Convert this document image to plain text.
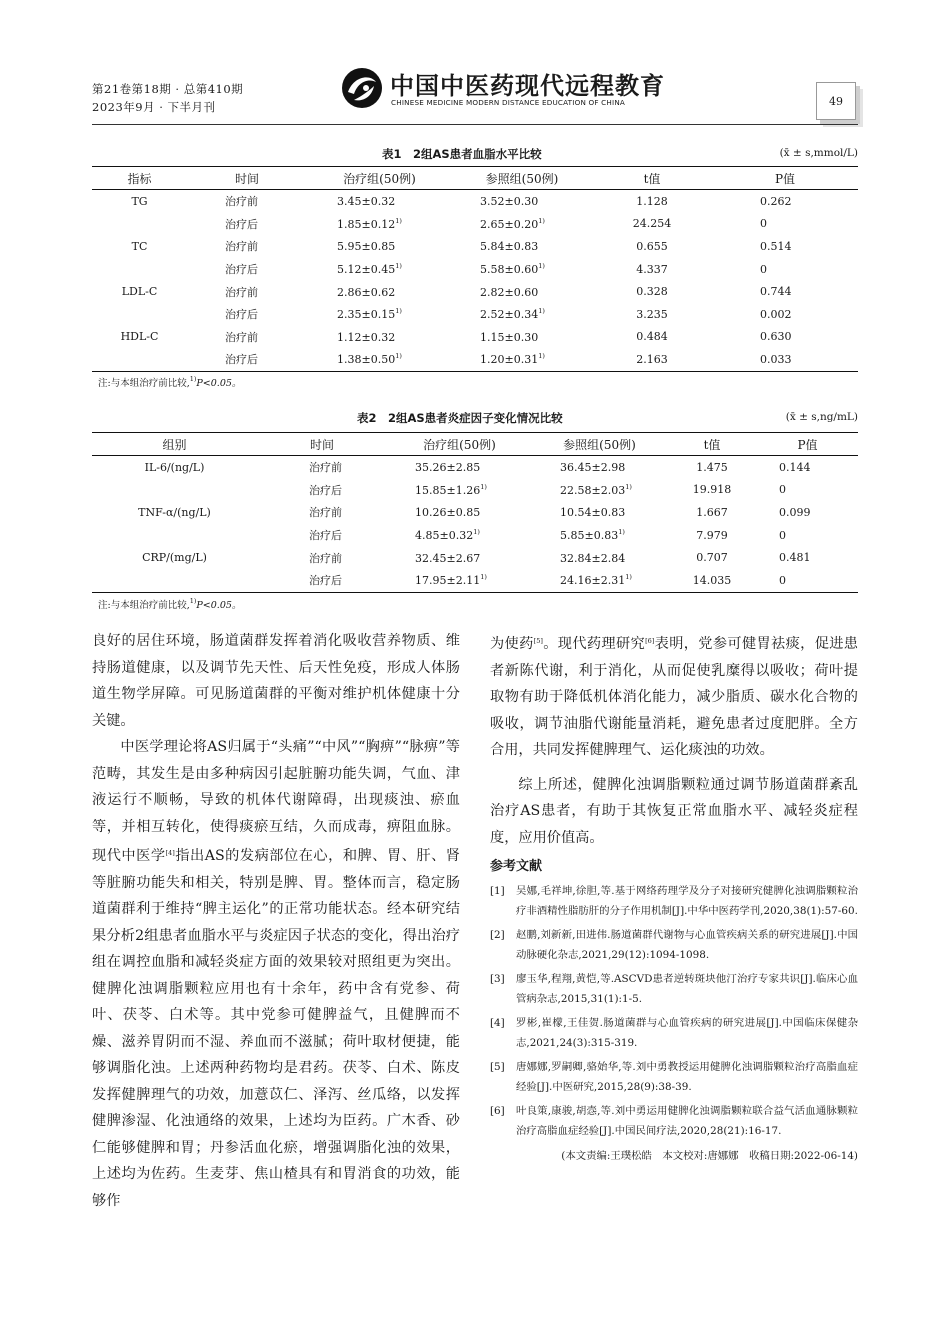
第21卷第18期 · 总第410期
2023年9月 · 下半月刊
中国中医药现代远程教育
CHINESE MEDICINE MODERN DISTANCE EDUCATION OF CHINA	49
表1　2组AS患者血脂水平比较	(x̄ ± s,mmol/L)
指标	时间	治疗组(50例)	参照组(50例)	t值	P值
TG	治疗前	3.45±0.32	3.52±0.30	1.128	0.262
	治疗后	$1.85\pm 0.12^{1)}$	$2.65\pm 0.20^{1)}$	24.254	0
TC	治疗前	5.95±0.85	5.84±0.83	0.655	0.514
	治疗后	$5.12\pm 0.45^{1)}$	$5.58\pm 0.60^{1)}$	4.337	0
LDL-C	治疗前	2.86±0.62	2.82±0.60	0.328	0.744
	治疗后	$2.35\pm 0.15^{1)}$	$2.52\pm 0.34^{1)}$	3.235	0.002
HDL-C	治疗前	1.12±0.32	1.15±0.30	0.484	0.630
	治疗后	$1.38\pm 0.50^{1)}$	$1.20\pm 0.31^{1)}$	2.163	0.033
注:与本组治疗前比较,$^{1)}$P<0.05。
表2　2组AS患者炎症因子变化情况比较	(x̄ ± s,ng/mL)
组别	时间	治疗组(50例)	参照组(50例)	t值	P值
IL-6/(ng/L)	治疗前	35.26±2.85	36.45±2.98	1.475	0.144
	治疗后	$15.85\pm 1.26^{1)}$	$22.58\pm 2.03^{1)}$	19.918	0
TNF-α/(ng/L)	治疗前	10.26±0.85	10.54±0.83	1.667	0.099
	治疗后	$4.85\pm 0.32^{1)}$	$5.85\pm 0.83^{1)}$	7.979	0
CRP/(mg/L)	治疗前	32.45±2.67	32.84±2.84	0.707	0.481
	治疗后	$17.95\pm 2.11^{1)}$	$24.16\pm 2.31^{1)}$	14.035	0
注:与本组治疗前比较,$^{1)}$P<0.05。

良好的居住环境，肠道菌群发挥着消化吸收营养物质、维持肠道健康，以及调节先天性、后天性免疫，形成人体肠道生物学屏障。可见肠道菌群的平衡对维护机体健康十分关键。

中医学理论将AS归属于“头痛”“中风”“胸痹”“脉痹”等范畴，其发生是由多种病因引起脏腑功能失调，气血、津液运行不顺畅，导致的机体代谢障碍，出现痰浊、瘀血等，并相互转化，使得痰瘀互结，久而成毒，痹阻血脉。现代中医学[4]指出AS的发病部位在心，和脾、胃、肝、肾等脏腑功能失和相关，特别是脾、胃。整体而言，稳定肠道菌群利于维持“脾主运化”的正常功能状态。经本研究结果分析2组患者血脂水平与炎症因子状态的变化，得出治疗组在调控血脂和减轻炎症方面的效果较对照组更为突出。健脾化浊调脂颗粒应用也有十余年，药中含有党参、荷叶、茯苓、白术等。其中党参可健脾益气，且健脾而不燥、滋养胃阴而不湿、养血而不滋腻；荷叶取材便捷，能够调脂化浊。上述两种药物均是君药。茯苓、白术、陈皮发挥健脾理气的功效，加薏苡仁、泽泻、丝瓜络，以发挥健脾渗湿、化浊通络的效果，上述均为臣药。广木香、砂仁能够健脾和胃；丹参活血化瘀，增强调脂化浊的效果，上述均为佐药。生麦芽、焦山楂具有和胃消食的功效，能够作

为使药[5]。现代药理研究[6]表明，党参可健胃祛痰，促进患者新陈代谢，利于消化，从而促使乳糜得以吸收；荷叶提取物有助于降低机体消化能力，减少脂质、碳水化合物的吸收，调节油脂代谢能量消耗，避免患者过度肥胖。全方合用，共同发挥健脾理气、运化痰浊的功效。

综上所述，健脾化浊调脂颗粒通过调节肠道菌群紊乱治疗AS患者，有助于其恢复正常血脂水平、减轻炎症程度，应用价值高。

参考文献
[1]	吴娜,毛祥坤,徐胆,等.基于网络药理学及分子对接研究健脾化浊调脂颗粒治疗非酒精性脂肪肝的分子作用机制[J].中华中医药学刊,2020,38(1):57-60.
[2]	赵鹏,刘新新,田进伟.肠道菌群代谢物与心血管疾病关系的研究进展[J].中国动脉硬化杂志,2021,29(12):1094-1098.
[3]	廖玉华,程翔,黄恺,等.ASCVD患者逆转斑块他汀治疗专家共识[J].临床心血管病杂志,2015,31(1):1-5.
[4]	罗彬,崔檬,王佳贺.肠道菌群与心血管疾病的研究进展[J].中国临床保健杂志,2021,24(3):315-319.
[5]	唐娜娜,罗嗣卿,骆始华,等.刘中勇教授运用健脾化浊调脂颗粒治疗高脂血症经验[J].中医研究,2015,28(9):38-39.
[6]	叶良策,康骏,胡悫,等.刘中勇运用健脾化浊调脂颗粒联合益气活血通脉颗粒治疗高脂血症经验[J].中国民间疗法,2020,28(21):16-17.
(本文责编:王璞松皓　本文校对:唐娜娜　收稿日期:2022-06-14)
